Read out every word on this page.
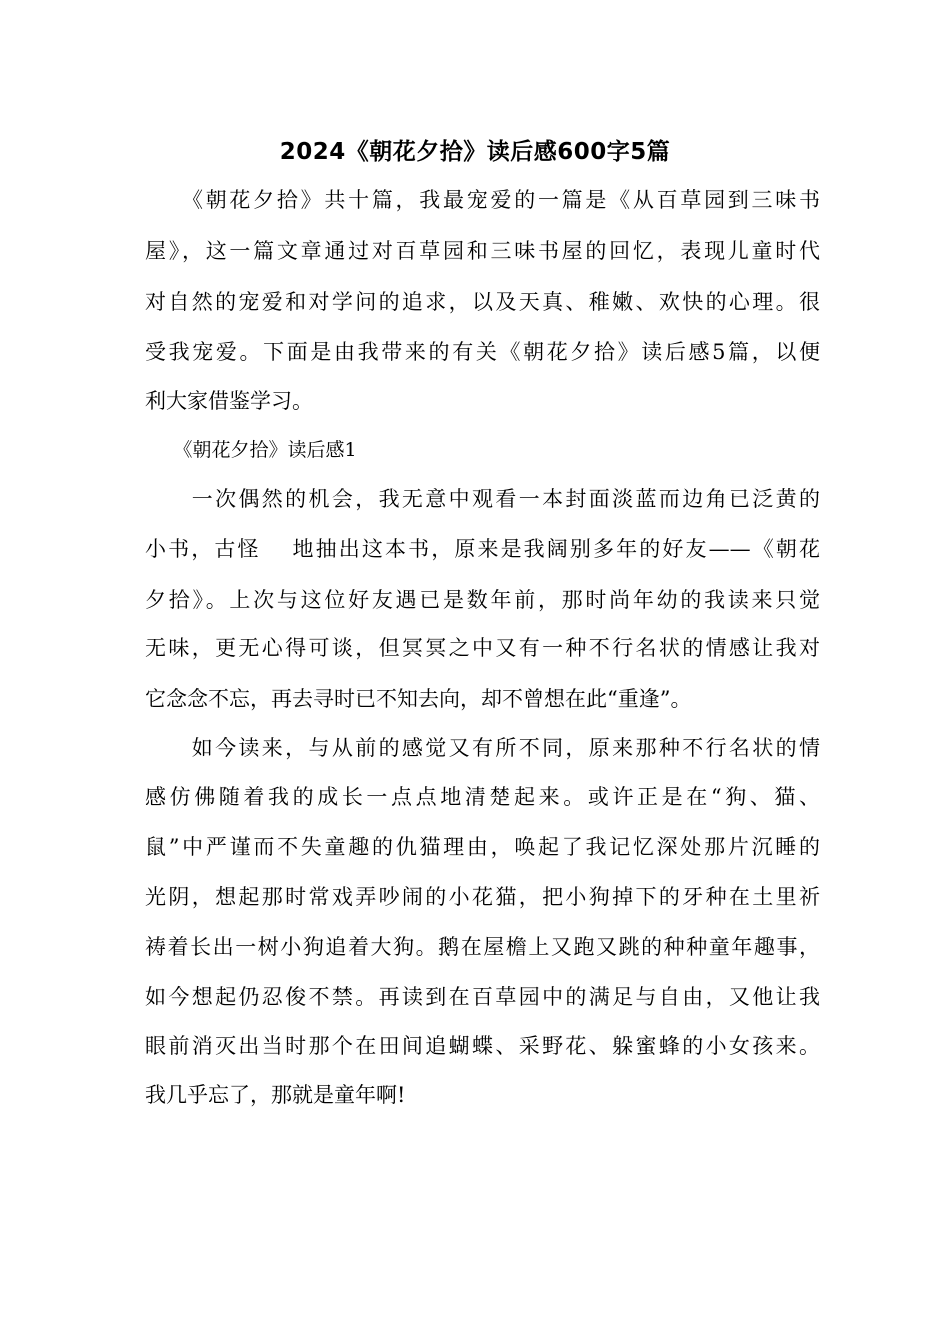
2024《朝花夕拾》读后感600字5篇
　　《朝花夕拾》共十篇，我最宠爱的一篇是《从百草园到三味书
屋》，这一篇文章通过对百草园和三味书屋的回忆，表现儿童时代
对自然的宠爱和对学问的追求，以及天真、稚嫩、欢快的心理。很
受我宠爱。下面是由我带来的有关《朝花夕拾》读后感5篇，以便
利大家借鉴学习。
　　《朝花夕拾》读后感1
　　一次偶然的机会，我无意中观看一本封面淡蓝而边角已泛黄的
小书，古怪　 地抽出这本书，原来是我阔别多年的好友——《朝花
夕拾》。上次与这位好友遇已是数年前，那时尚年幼的我读来只觉
无味，更无心得可谈，但冥冥之中又有一种不行名状的情感让我对
它念念不忘，再去寻时已不知去向，却不曾想在此“重逢”。
　　如今读来，与从前的感觉又有所不同，原来那种不行名状的情
感仿佛随着我的成长一点点地清楚起来。或许正是在“狗、猫、
鼠”中严谨而不失童趣的仇猫理由，唤起了我记忆深处那片沉睡的
光阴，想起那时常戏弄吵闹的小花猫，把小狗掉下的牙种在土里祈
祷着长出一树小狗追着大狗。鹅在屋檐上又跑又跳的种种童年趣事，
如今想起仍忍俊不禁。再读到在百草园中的满足与自由，又他让我
眼前消灭出当时那个在田间追蝴蝶、采野花、躲蜜蜂的小女孩来。
我几乎忘了，那就是童年啊!
